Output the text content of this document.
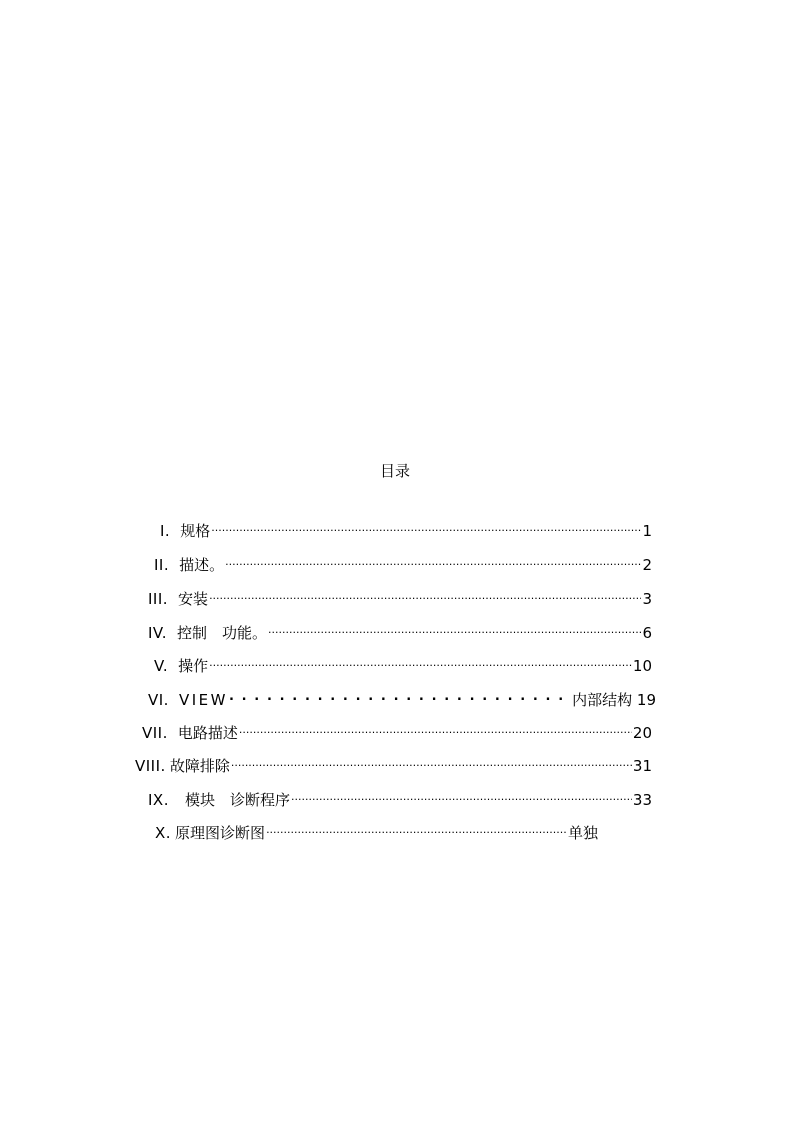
目录
I. 规格 .....	1
II. 描述。 .....	2
III. 安装 .....	3
IV. 控制　功能。 .....	6
V. 操作 .....	10
VI. VIEW . . .	内部结构 19
VII. 电路描述 .....	20
VIII. 故障排除 .....	31
IX.	模块　诊断程序 .....	33
X. 原理图诊断图 .....	单独
